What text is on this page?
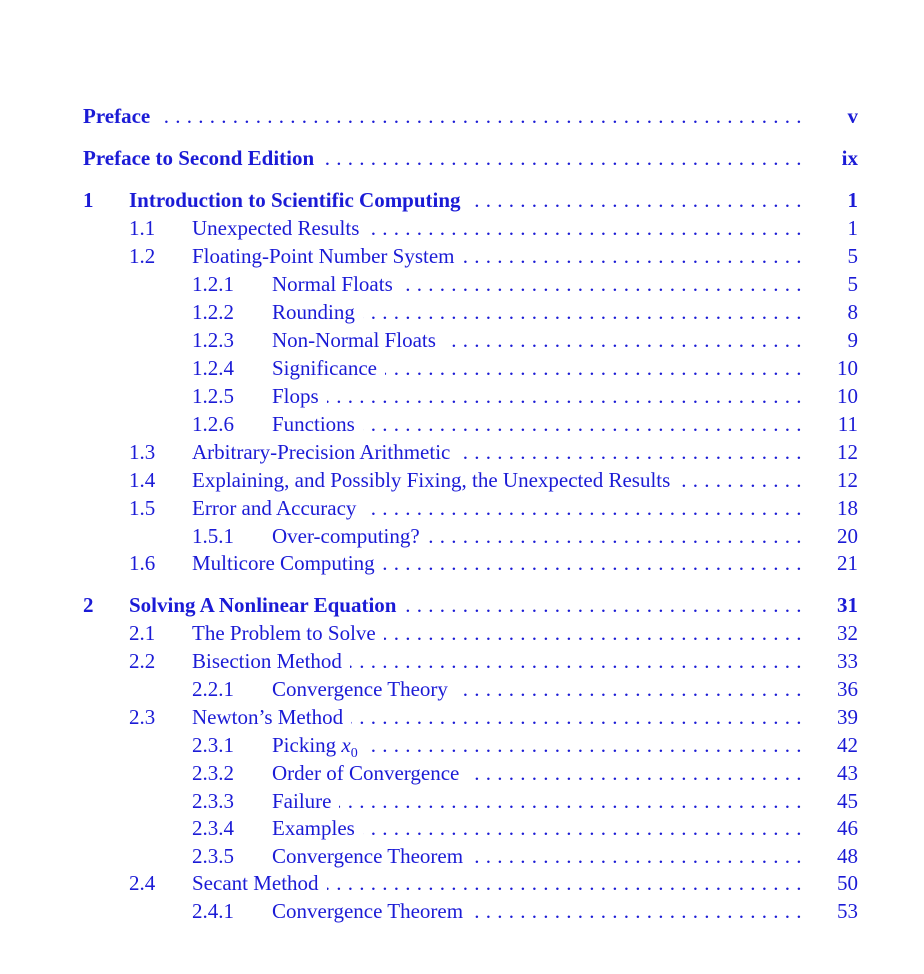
Preface . . .	v
Preface to Second Edition . . .	ix
1 Introduction to Scientific Computing . . .	1
1.1 Unexpected Results . . .	1
1.2 Floating-Point Number System . . .	5
1.2.1 Normal Floats . . .	5
1.2.2 Rounding . . .	8
1.2.3 Non-Normal Floats . . .	9
1.2.4 Significance . . .	10
1.2.5 Flops . . .	10
1.2.6 Functions . . .	11
1.3 Arbitrary-Precision Arithmetic . . .	12
1.4 Explaining, and Possibly Fixing, the Unexpected Results . . .	12
1.5 Error and Accuracy . . .	18
1.5.1 Over-computing? . . .	20
1.6 Multicore Computing . . .	21
2 Solving A Nonlinear Equation . . .	31
2.1 The Problem to Solve . . .	32
2.2 Bisection Method . . .	33
2.2.1 Convergence Theory . . .	36
2.3 Newton’s Method . . .	39
2.3.1 Picking $x_0$ . . .	42
2.3.2 Order of Convergence . . .	43
2.3.3 Failure . . .	45
2.3.4 Examples . . .	46
2.3.5 Convergence Theorem . . .	48
2.4 Secant Method . . .	50
2.4.1 Convergence Theorem . . .	53
